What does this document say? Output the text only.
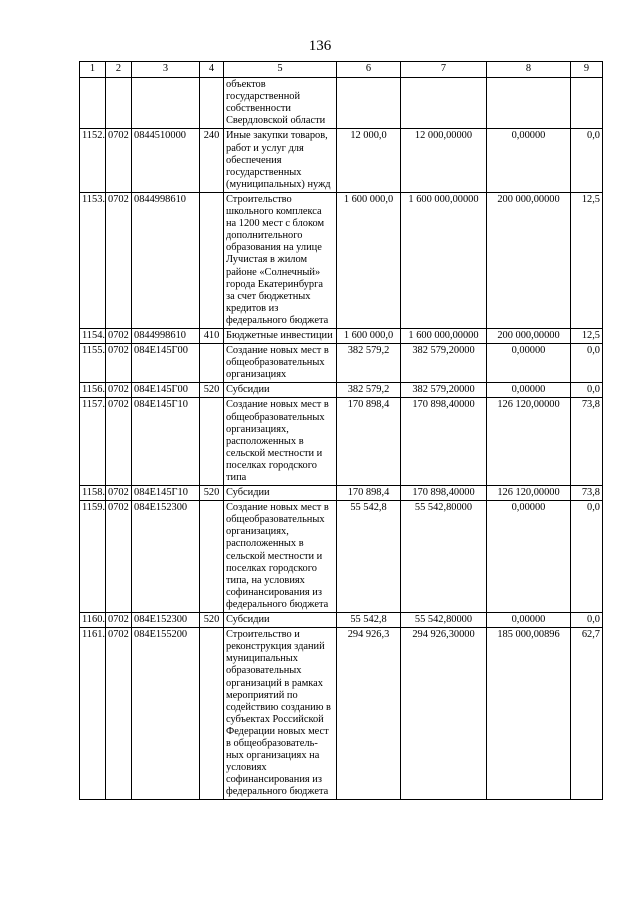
136
1	2	3	4	5	6	7	8	9
				объектов государственной собственности Свердловской области				
1152.	0702	0844510000	240	Иные закупки товаров, работ и услуг для обеспечения государственных (муниципальных) нужд	12 000,0	12 000,00000	0,00000	0,0
1153.	0702	0844998610		Строительство школьного комплекса на 1200 мест с блоком дополнительного образования на улице Лучистая в жилом районе «Солнечный» города Екатеринбурга за счет бюджетных кредитов из федерального бюджета	1 600 000,0	1 600 000,00000	200 000,00000	12,5
1154.	0702	0844998610	410	Бюджетные инвестиции	1 600 000,0	1 600 000,00000	200 000,00000	12,5
1155.	0702	084E145Г00		Создание новых мест в общеобразовательных организациях	382 579,2	382 579,20000	0,00000	0,0
1156.	0702	084E145Г00	520	Субсидии	382 579,2	382 579,20000	0,00000	0,0
1157.	0702	084E145Г10		Создание новых мест в общеобразовательных организациях, расположенных в сельской местности и поселках городского типа	170 898,4	170 898,40000	126 120,00000	73,8
1158.	0702	084E145Г10	520	Субсидии	170 898,4	170 898,40000	126 120,00000	73,8
1159.	0702	084E152300		Создание новых мест в общеобразовательных организациях, расположенных в сельской местности и поселках городского типа, на условиях софинансирования из федерального бюджета	55 542,8	55 542,80000	0,00000	0,0
1160.	0702	084E152300	520	Субсидии	55 542,8	55 542,80000	0,00000	0,0
1161.	0702	084E155200		Строительство и реконструкция зданий муниципальных образовательных организаций в рамках мероприятий по содействию созданию в субъектах Российской Федерации новых мест в общеобразователь-ных организациях на условиях софинансирования из федерального бюджета	294 926,3	294 926,30000	185 000,00896	62,7
